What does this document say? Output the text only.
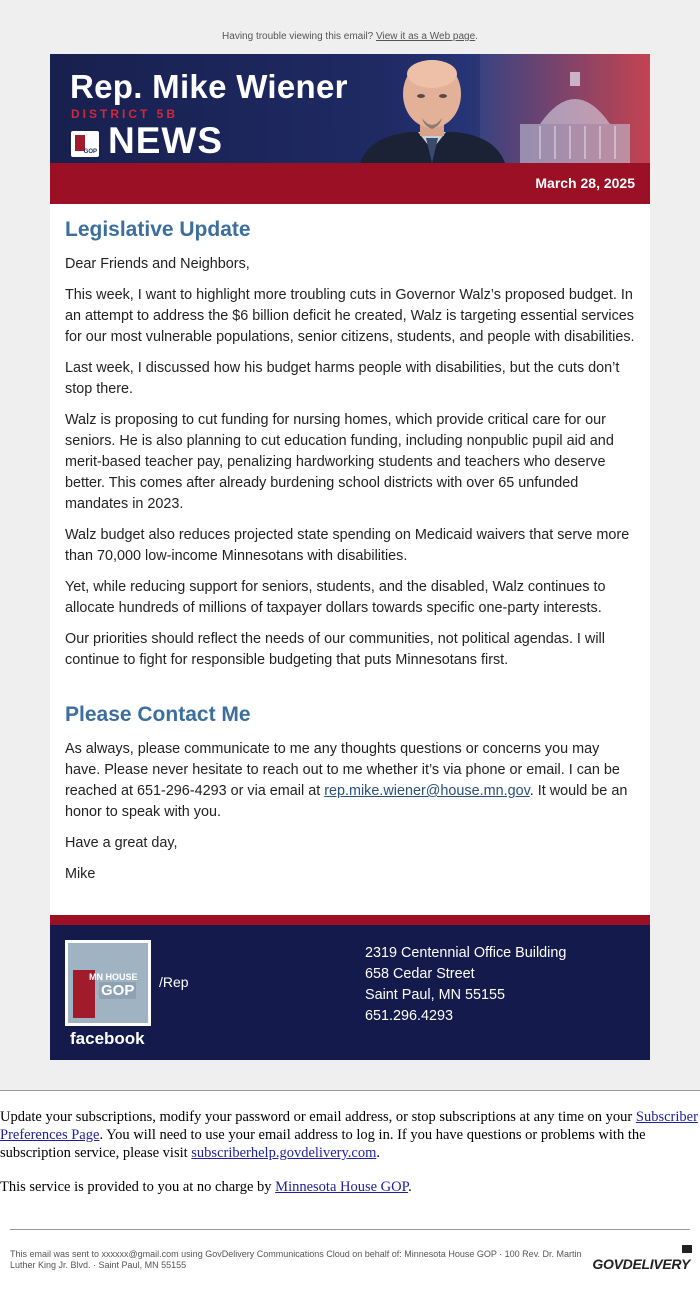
Having trouble viewing this email? View it as a Web page.
Rep. Mike Wiener
DISTRICT 5B
GOP NEWS
March 28, 2025
Legislative Update

Dear Friends and Neighbors,

This week, I want to highlight more troubling cuts in Governor Walz’s proposed budget. In an attempt to address the $6 billion deficit he created, Walz is targeting essential services for our most vulnerable populations, senior citizens, students, and people with disabilities.

Last week, I discussed how his budget harms people with disabilities, but the cuts don’t stop there.

Walz is proposing to cut funding for nursing homes, which provide critical care for our seniors. He is also planning to cut education funding, including nonpublic pupil aid and merit-based teacher pay, penalizing hardworking students and teachers who deserve better. This comes after already burdening school districts with over 65 unfunded mandates in 2023.

Walz budget also reduces projected state spending on Medicaid waivers that serve more than 70,000 low-income Minnesotans with disabilities.

Yet, while reducing support for seniors, students, and the disabled, Walz continues to allocate hundreds of millions of taxpayer dollars towards specific one-party interests.

Our priorities should reflect the needs of our communities, not political agendas. I will continue to fight for responsible budgeting that puts Minnesotans first.

Please Contact Me

As always, please communicate to me any thoughts questions or concerns you may have. Please never hesitate to reach out to me whether it’s via phone or email. I can be reached at 651-296-4293 or via email at rep.mike.wiener@house.mn.gov. It would be an honor to speak with you.

Have a great day,

Mike

MN HOUSE
GOP
facebook
/Rep
2319 Centennial Office Building
658 Cedar Street
Saint Paul, MN 55155
651.296.4293

Update your subscriptions, modify your password or email address, or stop subscriptions at any time on your Subscriber Preferences Page. You will need to use your email address to log in. If you have questions or problems with the subscription service, please visit subscriberhelp.govdelivery.com.

This service is provided to you at no charge by Minnesota House GOP.

This email was sent to xxxxxx@gmail.com using GovDelivery Communications Cloud on behalf of: Minnesota House GOP · 100 Rev. Dr. Martin Luther King Jr. Blvd. · Saint Paul, MN 55155	GOVDELIVERY
